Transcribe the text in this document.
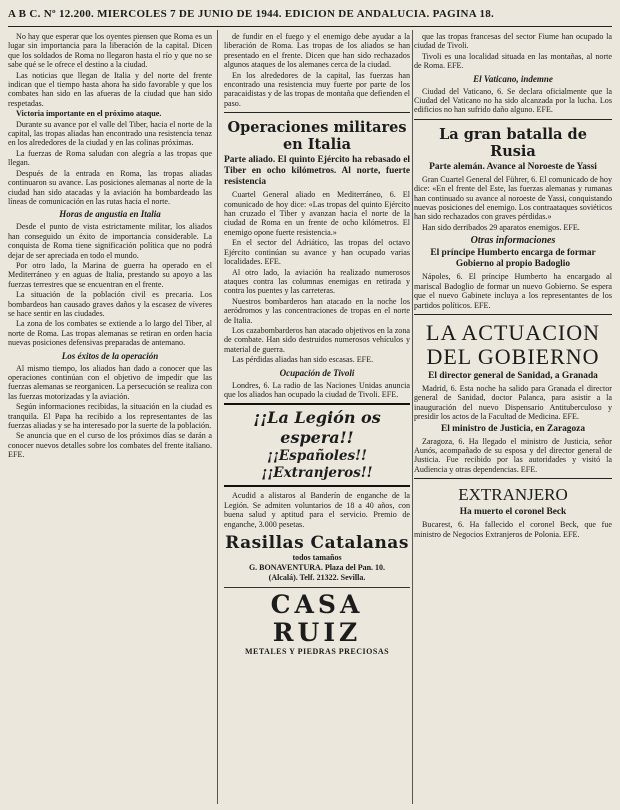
A B C. Nº 12.200. MIERCOLES 7 DE JUNIO DE 1944. EDICION DE ANDALUCIA. PAGINA 18.

No hay que esperar que los oyentes piensen que Roma es un lugar sin importancia para la liberación de la capital. Dicen que los soldados de Roma no llegaron hasta el río y que no se sabe qué se le ofrece el destino a la ciudad.

Las noticias que llegan de Italia y del norte del frente indican que el tiempo hasta ahora ha sido favorable y que los combates han sido en las afueras de la ciudad que han sido respetadas.

Victoria importante en el próximo ataque.

Durante su avance por el valle del Tiber, hacia el norte de la capital, las tropas aliadas han encontrado una resistencia tenaz en los alrededores de la ciudad y en las colinas próximas.

La fuerzas de Roma saludan con alegría a las tropas que llegan.

Después de la entrada en Roma, las tropas aliadas continuaron su avance. Las posiciones alemanas al norte de la ciudad han sido atacadas y la aviación ha bombardeado las líneas de comunicación en las rutas hacia el norte.

Horas de angustia en Italia

Desde el punto de vista estrictamente militar, los aliados han conseguido un éxito de importancia considerable. La conquista de Roma tiene significación política que no podrá dejar de ser apreciada en todo el mundo.

Por otro lado, la Marina de guerra ha operado en el Mediterráneo y en aguas de Italia, prestando su apoyo a las fuerzas terrestres que se encuentran en el frente.

La situación de la población civil es precaria. Los bombardeos han causado graves daños y la escasez de víveres se hace sentir en las ciudades.

La zona de los combates se extiende a lo largo del Tiber, al norte de Roma. Las tropas alemanas se retiran en orden hacia nuevas posiciones defensivas preparadas de antemano.

Los éxitos de la operación

Al mismo tiempo, los aliados han dado a conocer que las operaciones continúan con el objetivo de impedir que las fuerzas alemanas se reorganicen. La persecución se realiza con las fuerzas motorizadas y la aviación.

Según informaciones recibidas, la situación en la ciudad es tranquila. El Papa ha recibido a los representantes de las fuerzas aliadas y se ha interesado por la suerte de la población.

Se anuncia que en el curso de los próximos días se darán a conocer nuevos detalles sobre los combates del frente italiano. EFE.

de fundir en el fuego y el enemigo debe ayudar a la liberación de Roma. Las tropas de los aliados se han presentado en el frente. Dicen que han sido rechazados algunos ataques de los alemanes cerca de la ciudad.

En los alrededores de la capital, las fuerzas han encontrado una resistencia muy fuerte por parte de los paracaidistas y de las tropas de montaña que defienden el paso.

Operaciones militares en Italia
Parte aliado. El quinto Ejército ha rebasado el Tiber en ocho kilómetros. Al norte, fuerte resistencia

Cuartel General aliado en Mediterráneo, 6. El comunicado de hoy dice: «Las tropas del quinto Ejército han cruzado el Tiber y avanzan hacia el norte de la ciudad de Roma en un frente de ocho kilómetros. El enemigo opone fuerte resistencia.»

En el sector del Adriático, las tropas del octavo Ejército continúan su avance y han ocupado varias localidades. EFE.

Al otro lado, la aviación ha realizado numerosos ataques contra las columnas enemigas en retirada y contra los puentes y las carreteras.

Nuestros bombarderos han atacado en la noche los aeródromos y las concentraciones de tropas en el norte de Italia.

Los cazabombarderos han atacado objetivos en la zona de combate. Han sido destruidos numerosos vehículos y material de guerra.

Las pérdidas aliadas han sido escasas. EFE.

Ocupación de Tivoli

Londres, 6. La radio de las Naciones Unidas anuncia que los aliados han ocupado la ciudad de Tivoli. EFE.

¡¡La Legión os espera!!
¡¡Españoles!! ¡¡Extranjeros!!

Acudid a alistaros al Banderín de enganche de la Legión. Se admiten voluntarios de 18 a 40 años, con buena salud y aptitud para el servicio. Premio de enganche, 3.000 pesetas.

Rasillas Catalanas
todos tamaños
G. BONAVENTURA. Plaza del Pan. 10.
(Alcalá). Telf. 21322. Sevilla.
CASA RUIZ
METALES Y PIEDRAS PRECIOSAS

que las tropas francesas del sector Fiume han ocupado la ciudad de Tivoli.

Tivoli es una localidad situada en las montañas, al norte de Roma. EFE.

El Vaticano, indemne

Ciudad del Vaticano, 6. Se declara oficialmente que la Ciudad del Vaticano no ha sido alcanzada por la lucha. Los edificios no han sufrido daño alguno. EFE.

La gran batalla de Rusia
Parte alemán. Avance al Noroeste de Yassi

Gran Cuartel General del Führer, 6. El comunicado de hoy dice: «En el frente del Este, las fuerzas alemanas y rumanas han continuado su avance al noroeste de Yassi, conquistando nuevas posiciones del enemigo. Los contraataques soviéticos han sido rechazados con graves pérdidas.»

Han sido derribados 29 aparatos enemigos. EFE.

Otras informaciones
El príncipe Humberto encarga de formar Gobierno al propio Badoglio

Nápoles, 6. El príncipe Humberto ha encargado al mariscal Badoglio de formar un nuevo Gobierno. Se espera que el nuevo Gabinete incluya a los representantes de los partidos políticos. EFE.

LA ACTUACION DEL GOBIERNO
El director general de Sanidad, a Granada

Madrid, 6. Esta noche ha salido para Granada el director general de Sanidad, doctor Palanca, para asistir a la inauguración del nuevo Dispensario Antituberculoso y presidir los actos de la Facultad de Medicina. EFE.

El ministro de Justicia, en Zaragoza

Zaragoza, 6. Ha llegado el ministro de Justicia, señor Aunós, acompañado de su esposa y del director general de Justicia. Fue recibido por las autoridades y visitó la Audiencia y otras dependencias. EFE.

EXTRANJERO
Ha muerto el coronel Beck

Bucarest, 6. Ha fallecido el coronel Beck, que fue ministro de Negocios Extranjeros de Polonia. EFE.
